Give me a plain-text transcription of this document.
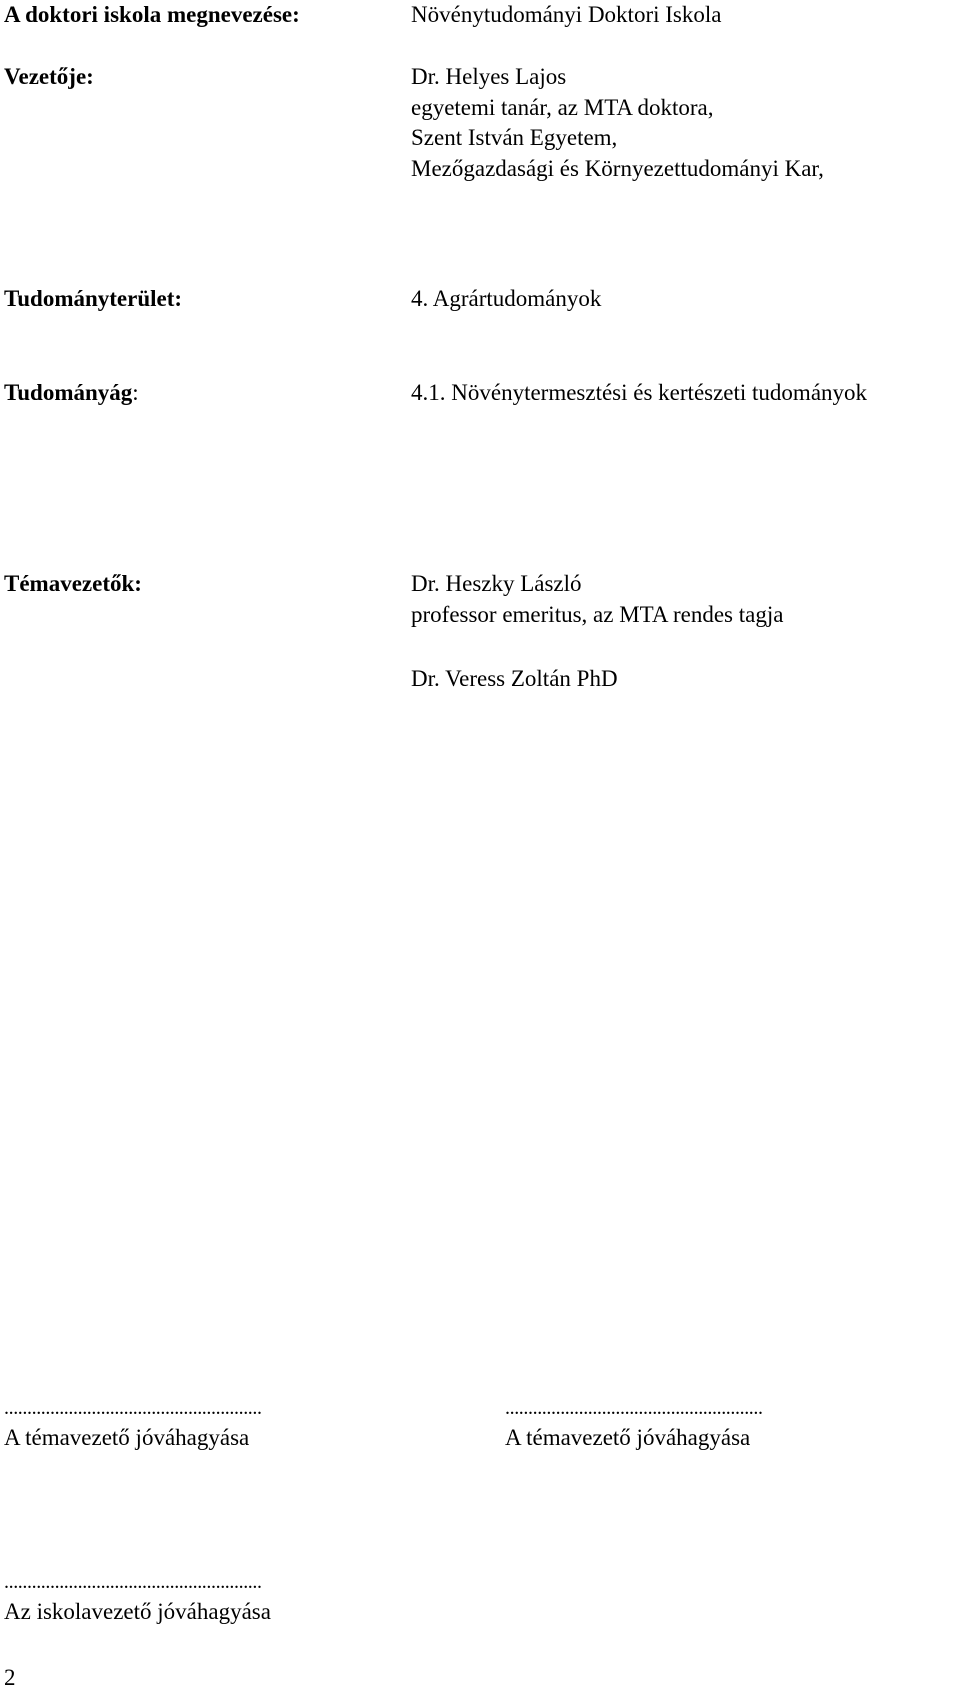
A doktori iskola megnevezése:	Növénytudományi Doktori Iskola
Vezetője:	Dr. Helyes Lajos
egyetemi tanár, az MTA doktora,
Szent István Egyetem,
Mezőgazdasági és Környezettudományi Kar,
Tudományterület:	4. Agrártudományok
Tudományág:	4.1. Növénytermesztési és kertészeti tudományok
Témavezetők:	Dr. Heszky László
professor emeritus, az MTA rendes tagja
Dr. Veress Zoltán PhD
........................................................
A témavezető jóváhagyása
........................................................
A témavezető jóváhagyása
........................................................
Az iskolavezető jóváhagyása
2
